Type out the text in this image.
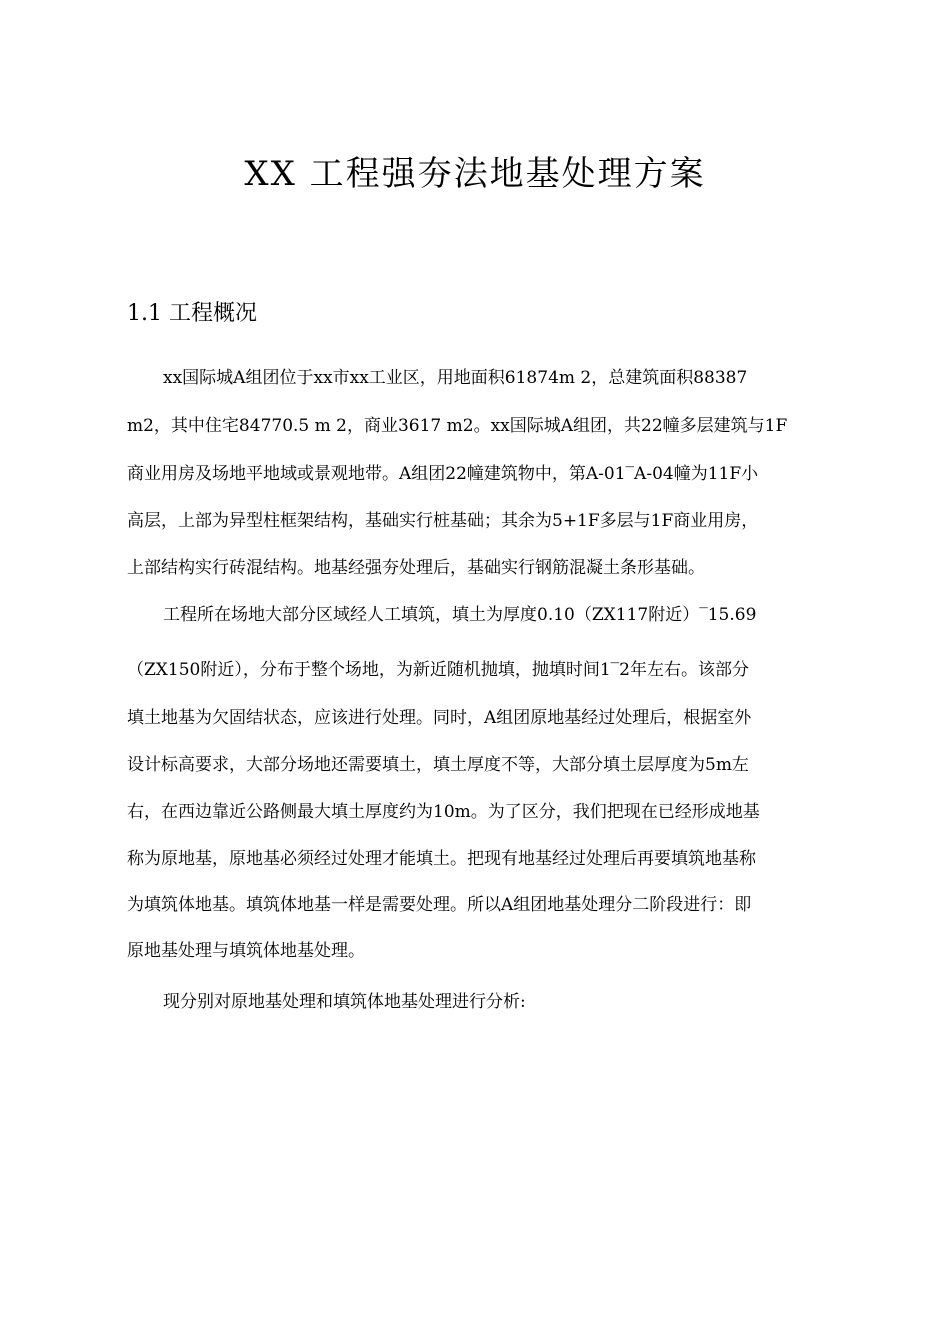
XX 工程强夯法地基处理方案
1.1 工程概况

xx国际城A组团位于xx市xx工业区，用地面积61874m 2，总建筑面积88387

m2，其中住宅84770.5 m 2，商业3617 m2。xx国际城A组团，共22幢多层建筑与1F

商业用房及场地平地域或景观地带。A组团22幢建筑物中，第A-01‾A-04幢为11F小

高层，上部为异型柱框架结构，基础实行桩基础；其余为5+1F多层与1F商业用房，

上部结构实行砖混结构。地基经强夯处理后，基础实行钢筋混凝土条形基础。

工程所在场地大部分区域经人工填筑，填土为厚度0.10（ZX117附近）‾15.69

（ZX150附近），分布于整个场地，为新近随机抛填，抛填时间1‾2年左右。该部分

填土地基为欠固结状态，应该进行处理。同时，A组团原地基经过处理后，根据室外

设计标高要求，大部分场地还需要填土，填土厚度不等，大部分填土层厚度为5m左

右，在西边靠近公路侧最大填土厚度约为10m。为了区分，我们把现在已经形成地基

称为原地基，原地基必须经过处理才能填土。把现有地基经过处理后再要填筑地基称

为填筑体地基。填筑体地基一样是需要处理。所以A组团地基处理分二阶段进行：即

原地基处理与填筑体地基处理。

现分别对原地基处理和填筑体地基处理进行分析:
